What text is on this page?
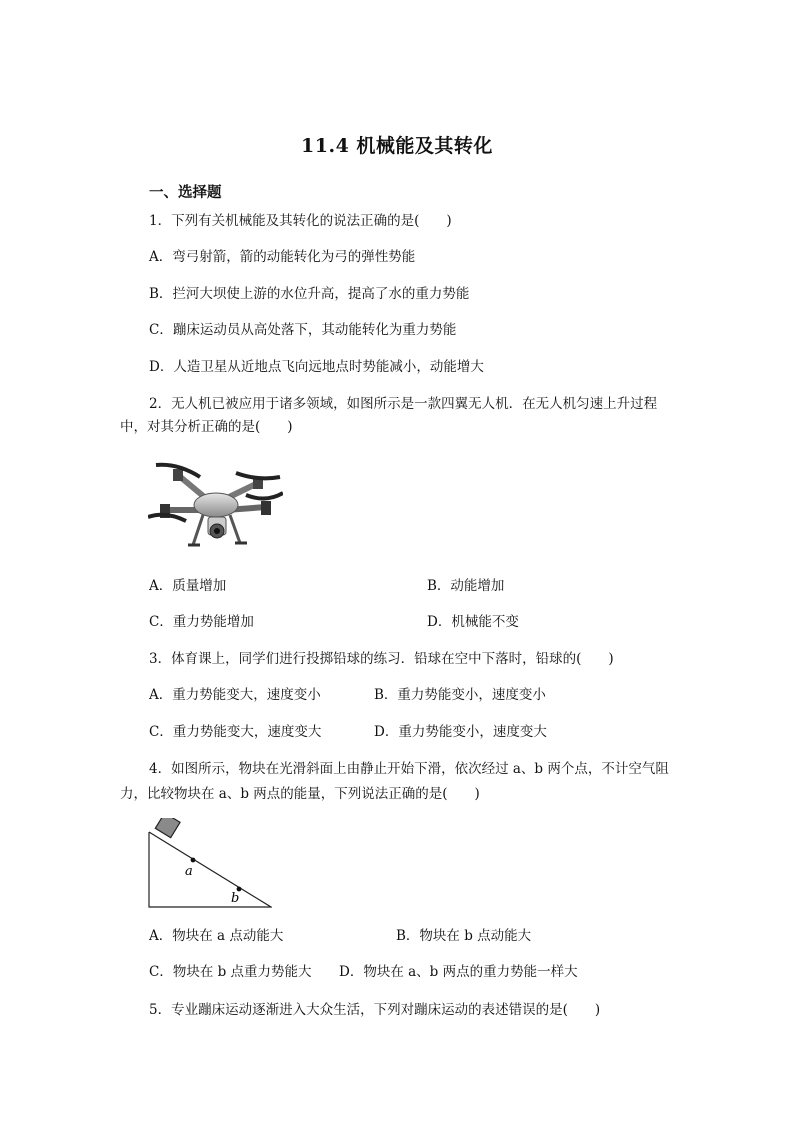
11.4 机械能及其转化
一、选择题
1．下列有关机械能及其转化的说法正确的是(　　)
A．弯弓射箭，箭的动能转化为弓的弹性势能
B．拦河大坝使上游的水位升高，提高了水的重力势能
C．蹦床运动员从高处落下，其动能转化为重力势能
D．人造卫星从近地点飞向远地点时势能减小，动能增大
2．无人机已被应用于诸多领域，如图所示是一款四翼无人机．在无人机匀速上升过程
中，对其分析正确的是(　　)
A．质量增加	B．动能增加
C．重力势能增加	D．机械能不变
3．体育课上，同学们进行投掷铅球的练习．铅球在空中下落时，铅球的(　　)
A．重力势能变大，速度变小	B．重力势能变小，速度变小
C．重力势能变大，速度变大	D．重力势能变小，速度变大
4．如图所示，物块在光滑斜面上由静止开始下滑，依次经过 a、b 两个点，不计空气阻
力，比较物块在 a、b 两点的能量，下列说法正确的是(　　)
a
b
A．物块在 a 点动能大	B．物块在 b 点动能大
C．物块在 b 点重力势能大 D．物块在 a、b 两点的重力势能一样大
5．专业蹦床运动逐渐进入大众生活，下列对蹦床运动的表述错误的是(　　)
